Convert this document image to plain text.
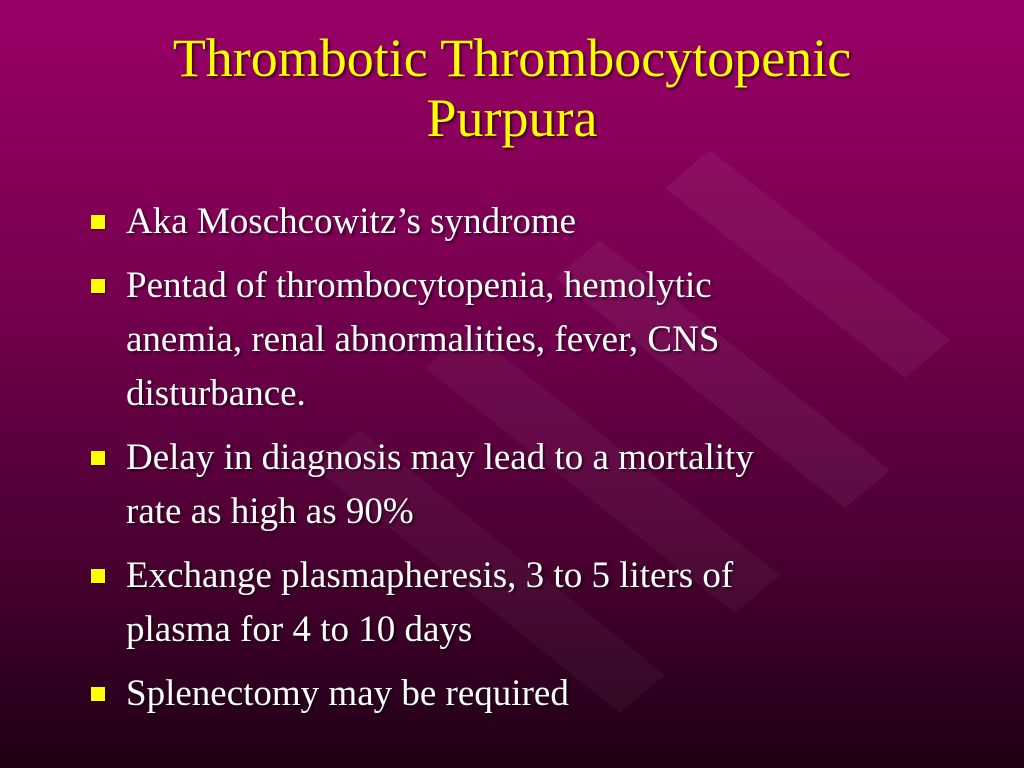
Thrombotic Thrombocytopenic
Purpura
Aka Moschcowitz’s syndrome
Pentad of thrombocytopenia, hemolytic
anemia, renal abnormalities, fever, CNS
disturbance.
Delay in diagnosis may lead to a mortality
rate as high as 90%
Exchange plasmapheresis, 3 to 5 liters of
plasma for 4 to 10 days
Splenectomy may be required
